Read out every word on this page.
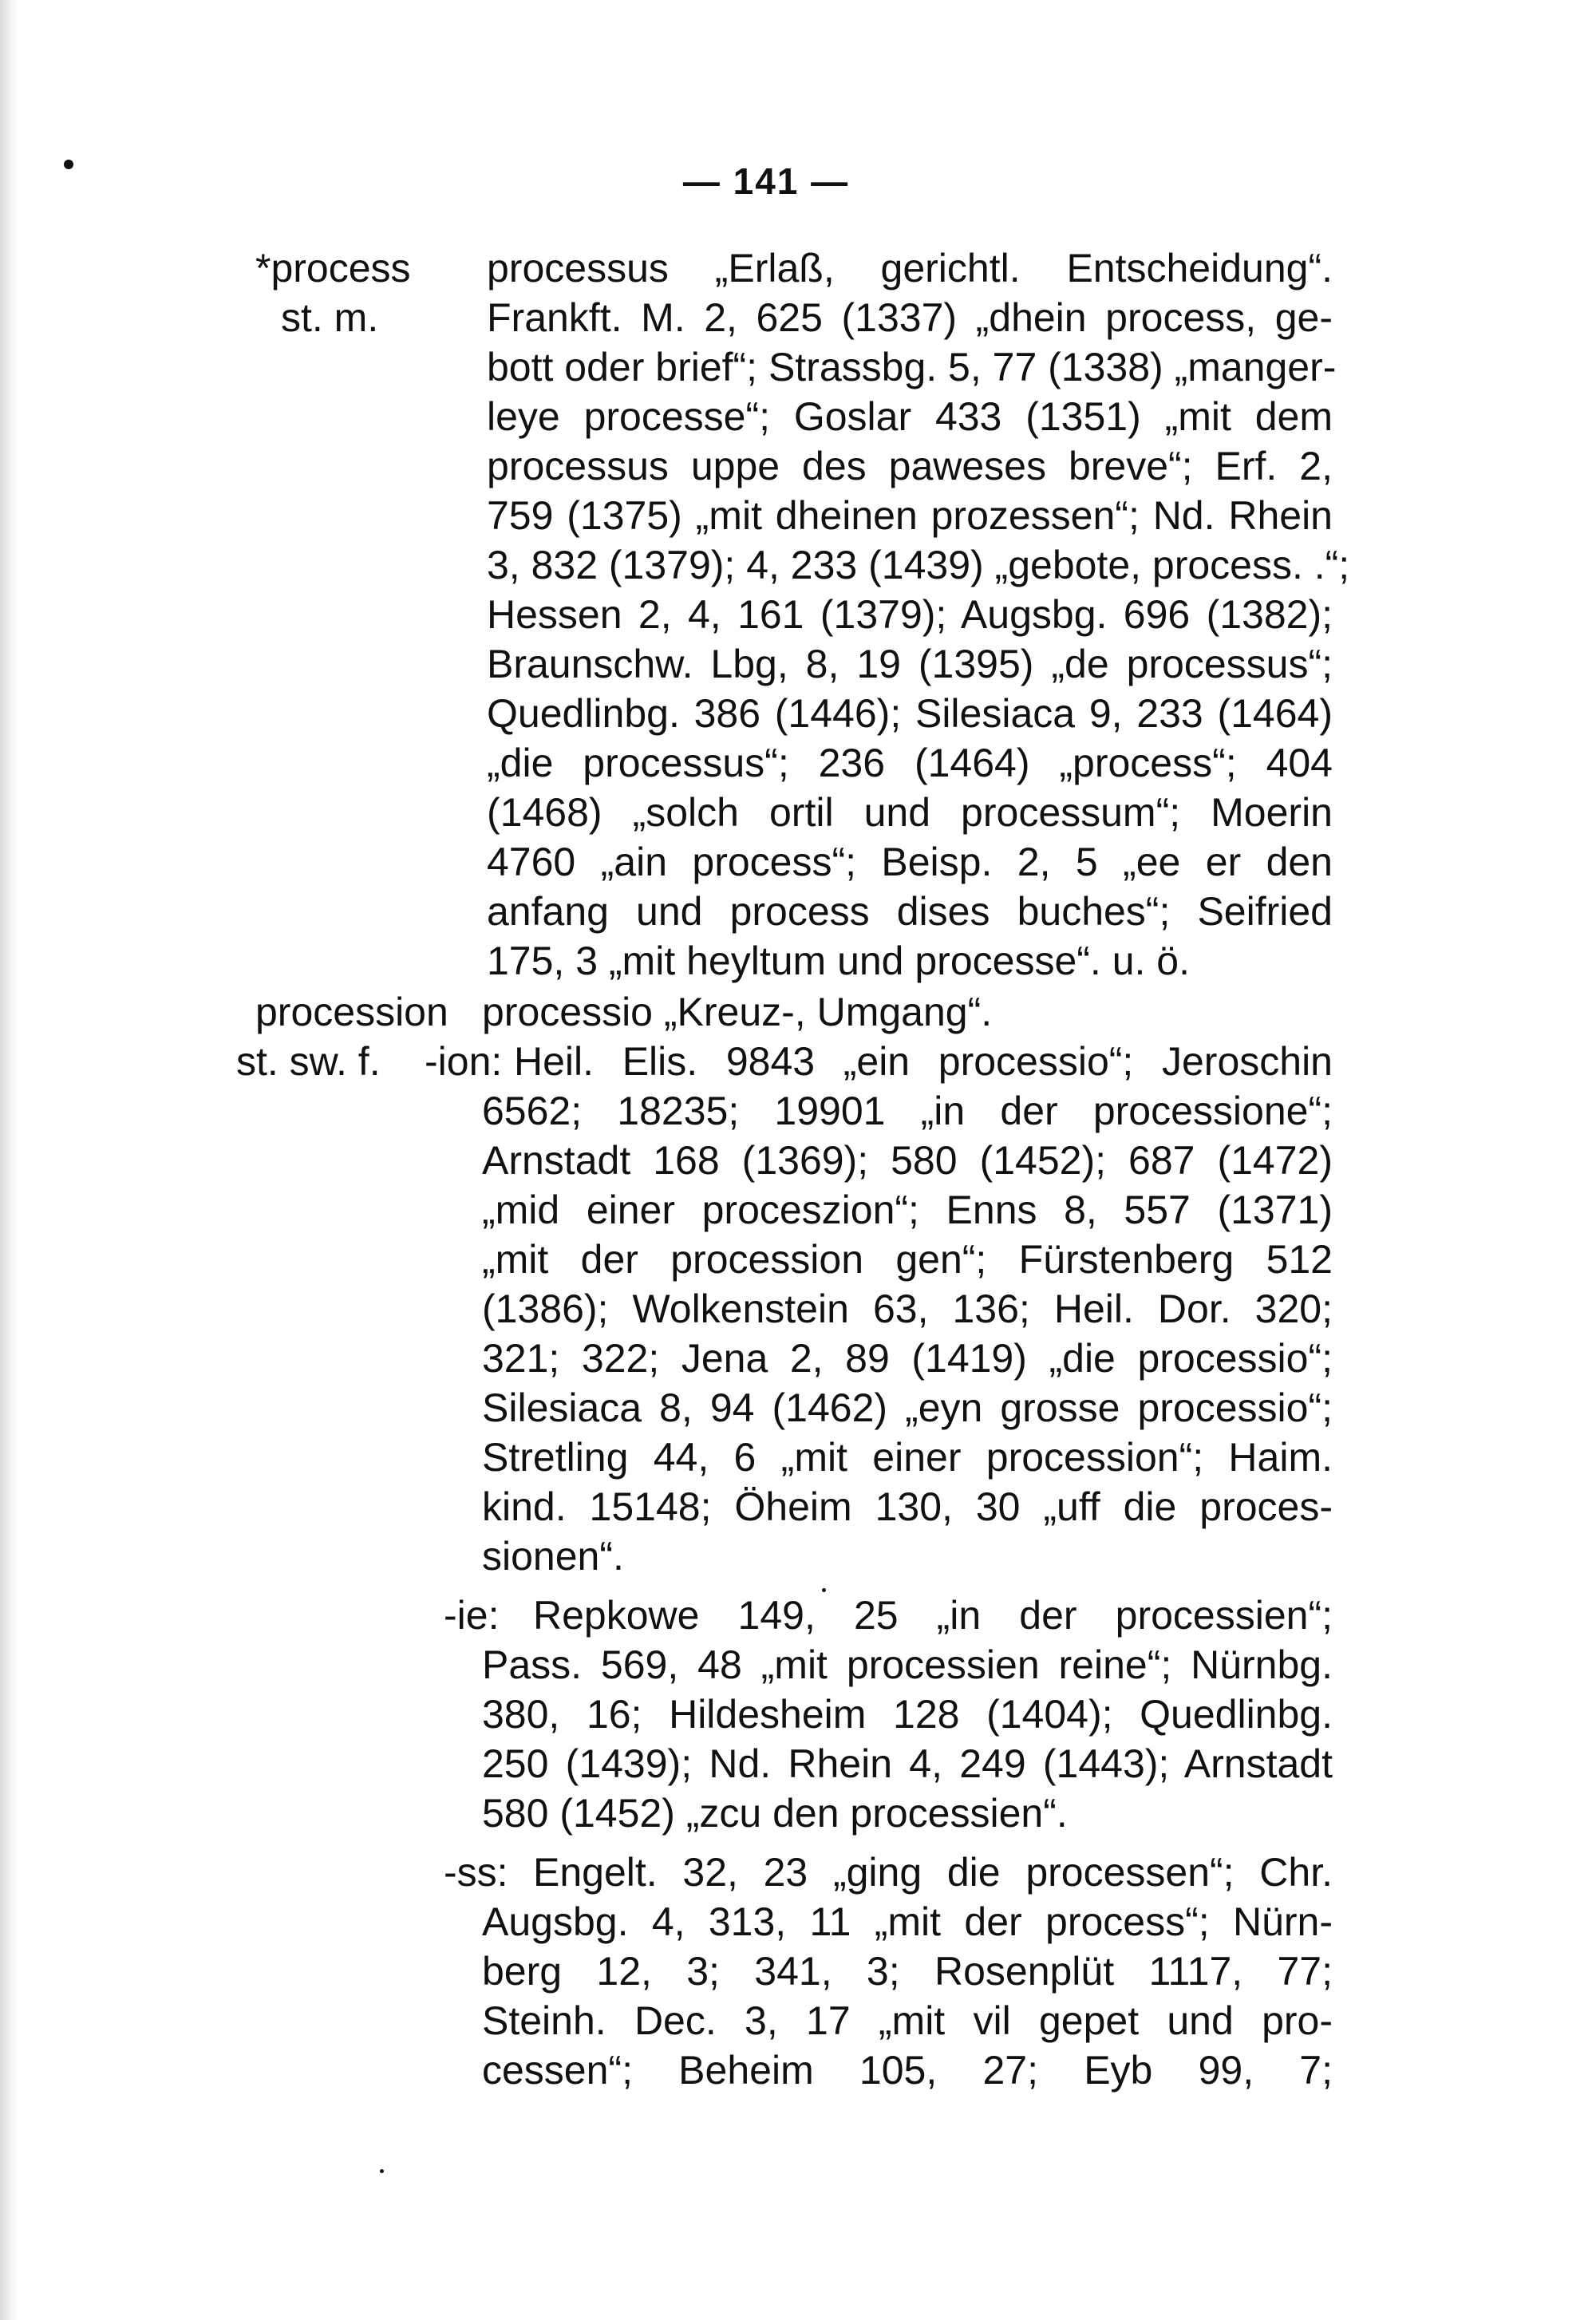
— 141 —
*process
st. m.
processus „Erlaß, gerichtl. Entscheidung“.
Frankft. M. 2, 625 (1337) „dhein process, ge-
bott oder brief“; Strassbg. 5, 77 (1338) „manger-
leye processe“; Goslar 433 (1351) „mit dem
processus uppe des paweses breve“; Erf. 2,
759 (1375) „mit dheinen prozessen“; Nd. Rhein
3, 832 (1379); 4, 233 (1439) „gebote, process. .“;
Hessen 2, 4, 161 (1379); Augsbg. 696 (1382);
Braunschw. Lbg, 8, 19 (1395) „de processus“;
Quedlinbg. 386 (1446); Silesiaca 9, 233 (1464)
„die processus“; 236 (1464) „process“; 404
(1468) „solch ortil und processum“; Moerin
4760 „ain process“; Beisp. 2, 5 „ee er den
anfang und process dises buches“; Seifried
175, 3 „mit heyltum und processe“. u. ö.
procession processio „Kreuz-, Umgang“.
st. sw. f. -ion: Heil. Elis. 9843 „ein processio“; Jeroschin
6562; 18235; 19901 „in der processione“;
Arnstadt 168 (1369); 580 (1452); 687 (1472)
„mid einer proceszion“; Enns 8, 557 (1371)
„mit der procession gen“; Fürstenberg 512
(1386); Wolkenstein 63, 136; Heil. Dor. 320;
321; 322; Jena 2, 89 (1419) „die processio“;
Silesiaca 8, 94 (1462) „eyn grosse processio“;
Stretling 44, 6 „mit einer procession“; Haim.
kind. 15148; Öheim 130, 30 „uff die proces-
sionen“.
-ie: Repkowe 149, 25 „in der processien“;
Pass. 569, 48 „mit processien reine“; Nürnbg.
380, 16; Hildesheim 128 (1404); Quedlinbg.
250 (1439); Nd. Rhein 4, 249 (1443); Arnstadt
580 (1452) „zcu den processien“.
-ss: Engelt. 32, 23 „ging die processen“; Chr.
Augsbg. 4, 313, 11 „mit der process“; Nürn-
berg 12, 3; 341, 3; Rosenplüt 1117, 77;
Steinh. Dec. 3, 17 „mit vil gepet und pro-
cessen“; Beheim 105, 27; Eyb 99, 7;
